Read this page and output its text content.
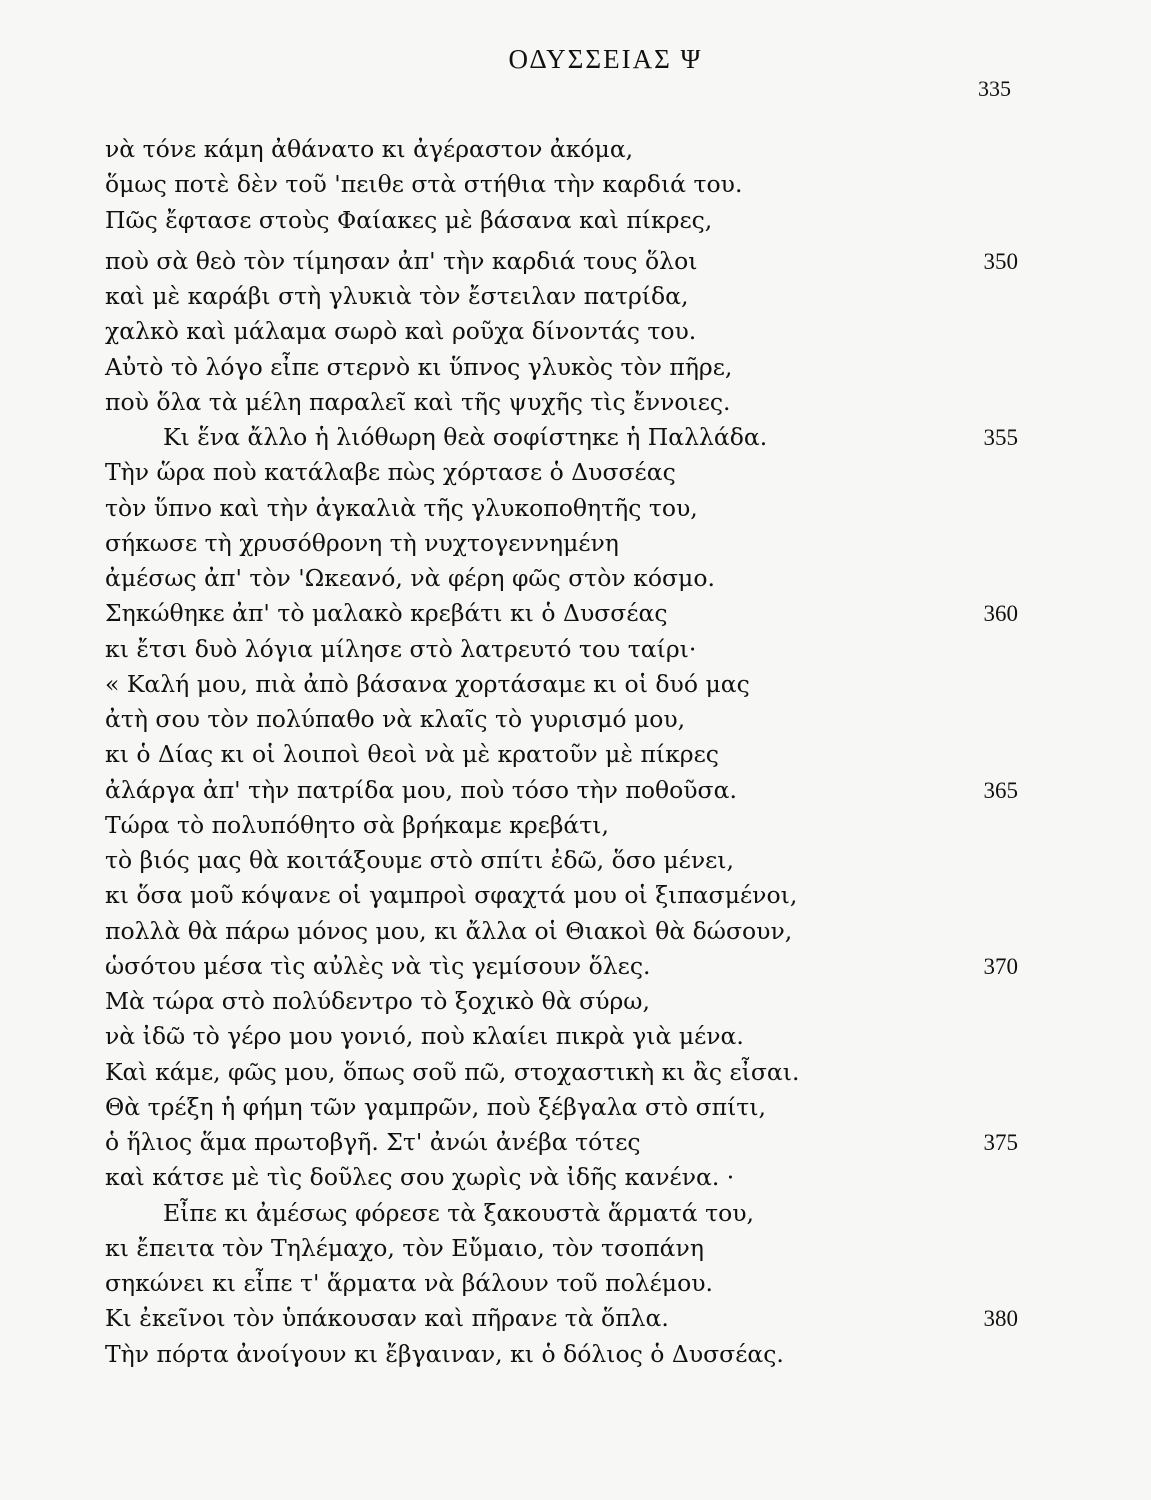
ΟΔΥΣΣΕΙΑΣ Ψ
335
νὰ τόνε κάμη ἀθάνατο κι ἀγέραστον ἀκόμα,
ὅμως ποτὲ δὲν τοῦ 'πειθε στὰ στήθια τὴν καρδιά του.
Πῶς ἔφτασε στοὺς Φαίακες μὲ βάσανα καὶ πίκρες,
ποὺ σὰ θεὸ τὸν τίμησαν ἀπ' τὴν καρδιά τους ὅλοι	350
καὶ μὲ καράβι στὴ γλυκιὰ τὸν ἔστειλαν πατρίδα,
χαλκὸ καὶ μάλαμα σωρὸ καὶ ροῦχα δίνοντάς του.
Αὐτὸ τὸ λόγο εἶπε στερνὸ κι ὕπνος γλυκὸς τὸν πῆρε,
ποὺ ὅλα τὰ μέλη παραλεῖ καὶ τῆς ψυχῆς τὶς ἔννοιες.
Κι ἕνα ἄλλο ἡ λιόθωρη θεὰ σοφίστηκε ἡ Παλλάδα.	355
Τὴν ὥρα ποὺ κατάλαβε πὼς χόρτασε ὁ Δυσσέας
τὸν ὕπνο καὶ τὴν ἀγκαλιὰ τῆς γλυκοποθητῆς του,
σήκωσε τὴ χρυσόθρονη τὴ νυχτογεννημένη
ἀμέσως ἀπ' τὸν 'Ωκεανό, νὰ φέρη φῶς στὸν κόσμο.
Σηκώθηκε ἀπ' τὸ μαλακὸ κρεβάτι κι ὁ Δυσσέας	360
κι ἔτσι δυὸ λόγια μίλησε στὸ λατρευτό του ταίρι·
« Καλή μου, πιὰ ἀπὸ βάσανα χορτάσαμε κι οἱ δυό μας
ἀτὴ σου τὸν πολύπαθο νὰ κλαῖς τὸ γυρισμό μου,
κι ὁ Δίας κι οἱ λοιποὶ θεοὶ νὰ μὲ κρατοῦν μὲ πίκρες
ἀλάργα ἀπ' τὴν πατρίδα μου, ποὺ τόσο τὴν ποθοῦσα.	365
Τώρα τὸ πολυπόθητο σὰ βρήκαμε κρεβάτι,
τὸ βιός μας θὰ κοιτάξουμε στὸ σπίτι ἐδῶ, ὅσο μένει,
κι ὅσα μοῦ κόψανε οἱ γαμπροὶ σφαχτά μου οἱ ξιπασμένοι,
πολλὰ θὰ πάρω μόνος μου, κι ἄλλα οἱ Θιακοὶ θὰ δώσουν,
ὡσότου μέσα τὶς αὐλὲς νὰ τὶς γεμίσουν ὅλες.	370
Μὰ τώρα στὸ πολύδεντρο τὸ ξοχικὸ θὰ σύρω,
νὰ ἰδῶ τὸ γέρο μου γονιό, ποὺ κλαίει πικρὰ γιὰ μένα.
Καὶ κάμε, φῶς μου, ὅπως σοῦ πῶ, στοχαστικὴ κι ἂς εἶσαι.
Θὰ τρέξη ἡ φήμη τῶν γαμπρῶν, ποὺ ξέβγαλα στὸ σπίτι,
ὁ ἥλιος ἅμα πρωτοβγῆ. Στ' ἀνώι ἀνέβα τότες	375
καὶ κάτσε μὲ τὶς δοῦλες σου χωρὶς νὰ ἰδῆς κανένα. ·
Εἶπε κι ἀμέσως φόρεσε τὰ ξακουστὰ ἅρματά του,
κι ἔπειτα τὸν Τηλέμαχο, τὸν Εὔμαιο, τὸν τσοπάνη
σηκώνει κι εἶπε τ' ἅρματα νὰ βάλουν τοῦ πολέμου.
Κι ἐκεῖνοι τὸν ὑπάκουσαν καὶ πῆρανε τὰ ὅπλα.	380
Τὴν πόρτα ἀνοίγουν κι ἔβγαιναν, κι ὁ δόλιος ὁ Δυσσέας.
